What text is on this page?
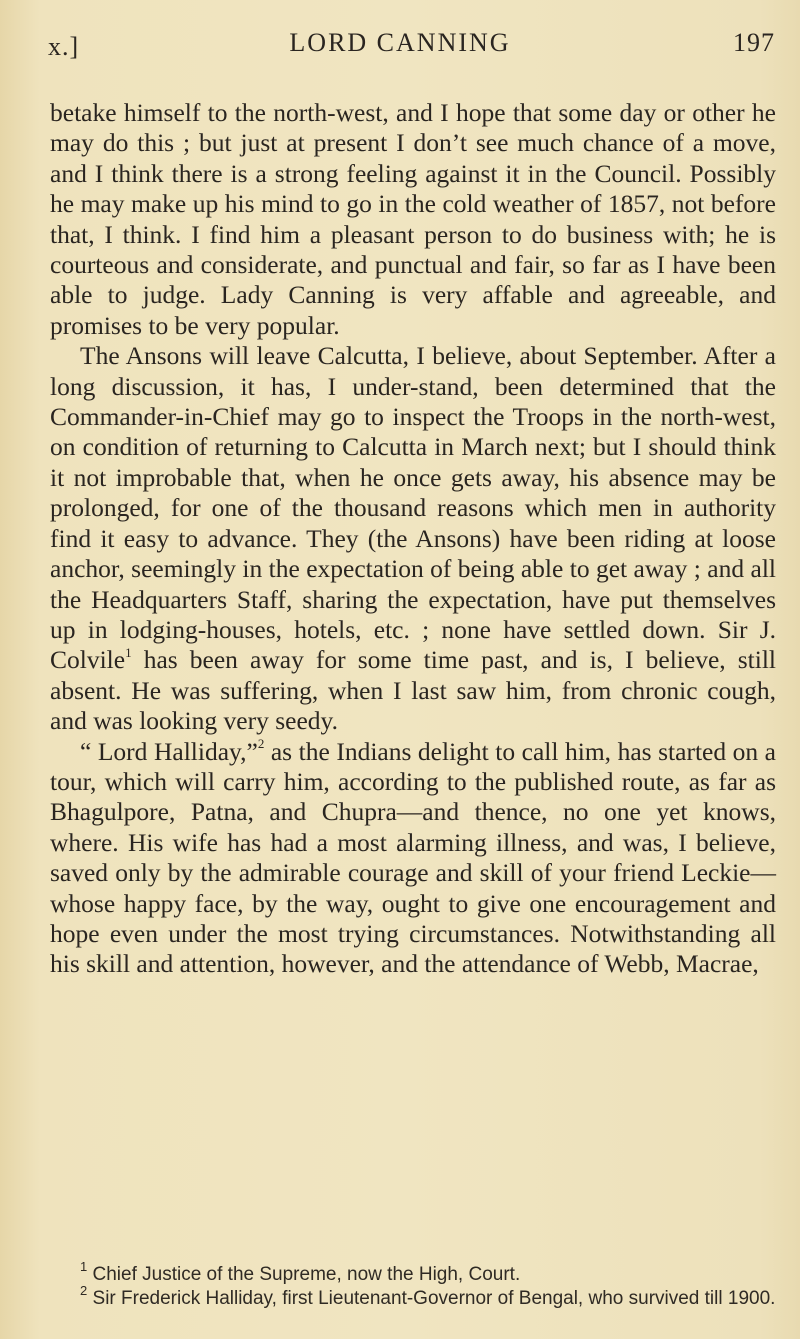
x.]	LORD CANNING	197

betake himself to the north-west, and I hope that some day or other he may do this ; but just at present I don’t see much chance of a move, and I think there is a strong feeling against it in the Council. Possibly he may make up his mind to go in the cold weather of 1857, not before that, I think. I find him a pleasant person to do business with; he is courteous and considerate, and punctual and fair, so far as I have been able to judge. Lady Canning is very affable and agreeable, and promises to be very popular.

The Ansons will leave Calcutta, I believe, about September. After a long discussion, it has, I under-stand, been determined that the Commander-in-Chief may go to inspect the Troops in the north-west, on condition of returning to Calcutta in March next; but I should think it not improbable that, when he once gets away, his absence may be prolonged, for one of the thousand reasons which men in authority find it easy to advance. They (the Ansons) have been riding at loose anchor, seemingly in the expectation of being able to get away ; and all the Headquarters Staff, sharing the expectation, have put themselves up in lodging-houses, hotels, etc. ; none have settled down. Sir J. Colvile$^1$ has been away for some time past, and is, I believe, still absent. He was suffering, when I last saw him, from chronic cough, and was looking very seedy.

“ Lord Halliday,”$^2$ as the Indians delight to call him, has started on a tour, which will carry him, according to the published route, as far as Bhagulpore, Patna, and Chupra—and thence, no one yet knows, where. His wife has had a most alarming illness, and was, I believe, saved only by the admirable courage and skill of your friend Leckie—whose happy face, by the way, ought to give one encouragement and hope even under the most trying circumstances. Notwithstanding all his skill and attention, however, and the attendance of Webb, Macrae,

$^1$ Chief Justice of the Supreme, now the High, Court.

$^2$ Sir Frederick Halliday, first Lieutenant-Governor of Bengal, who survived till 1900.
